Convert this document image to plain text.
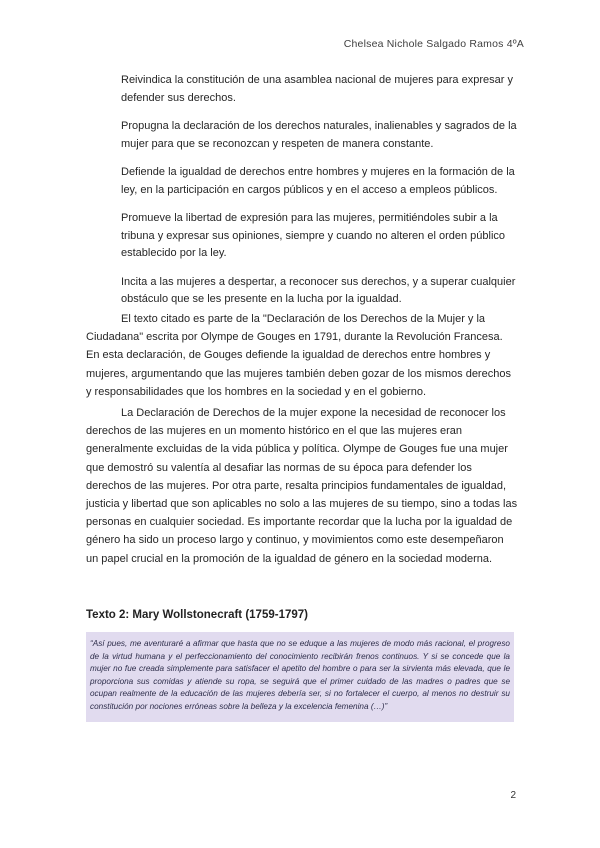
Chelsea Nichole Salgado Ramos 4ºA

Reivindica la constitución de una asamblea nacional de mujeres para expresar y defender sus derechos.

Propugna la declaración de los derechos naturales, inalienables y sagrados de la mujer para que se reconozcan y respeten de manera constante.

Defiende la igualdad de derechos entre hombres y mujeres en la formación de la ley, en la participación en cargos públicos y en el acceso a empleos públicos.

Promueve la libertad de expresión para las mujeres, permitiéndoles subir a la tribuna y expresar sus opiniones, siempre y cuando no alteren el orden público establecido por la ley.

Incita a las mujeres a despertar, a reconocer sus derechos, y a superar cualquier obstáculo que se les presente en la lucha por la igualdad.

El texto citado es parte de la "Declaración de los Derechos de la Mujer y la Ciudadana" escrita por Olympe de Gouges en 1791, durante la Revolución Francesa. En esta declaración, de Gouges defiende la igualdad de derechos entre hombres y mujeres, argumentando que las mujeres también deben gozar de los mismos derechos y responsabilidades que los hombres en la sociedad y en el gobierno.

La Declaración de Derechos de la mujer expone la necesidad de reconocer los derechos de las mujeres en un momento histórico en el que las mujeres eran generalmente excluidas de la vida pública y política. Olympe de Gouges fue una mujer que demostró su valentía al desafiar las normas de su época para defender los derechos de las mujeres. Por otra parte, resalta principios fundamentales de igualdad, justicia y libertad que son aplicables no solo a las mujeres de su tiempo, sino a todas las personas en cualquier sociedad. Es importante recordar que la lucha por la igualdad de género ha sido un proceso largo y continuo, y movimientos como este desempeñaron un papel crucial en la promoción de la igualdad de género en la sociedad moderna.

Texto 2: Mary Wollstonecraft (1759-1797)

“Así pues, me aventuraré a afirmar que hasta que no se eduque a las mujeres de modo más racional, el progreso de la virtud humana y el perfeccionamiento del conocimiento recibirán frenos continuos. Y si se concede que la mujer no fue creada simplemente para satisfacer el apetito del hombre o para ser la sirvienta más elevada, que le proporciona sus comidas y atiende su ropa, se seguirá que el primer cuidado de las madres o padres que se ocupan realmente de la educación de las mujeres debería ser, si no fortalecer el cuerpo, al menos no destruir su constitución por nociones erróneas sobre la belleza y la excelencia femenina (…)”

2
